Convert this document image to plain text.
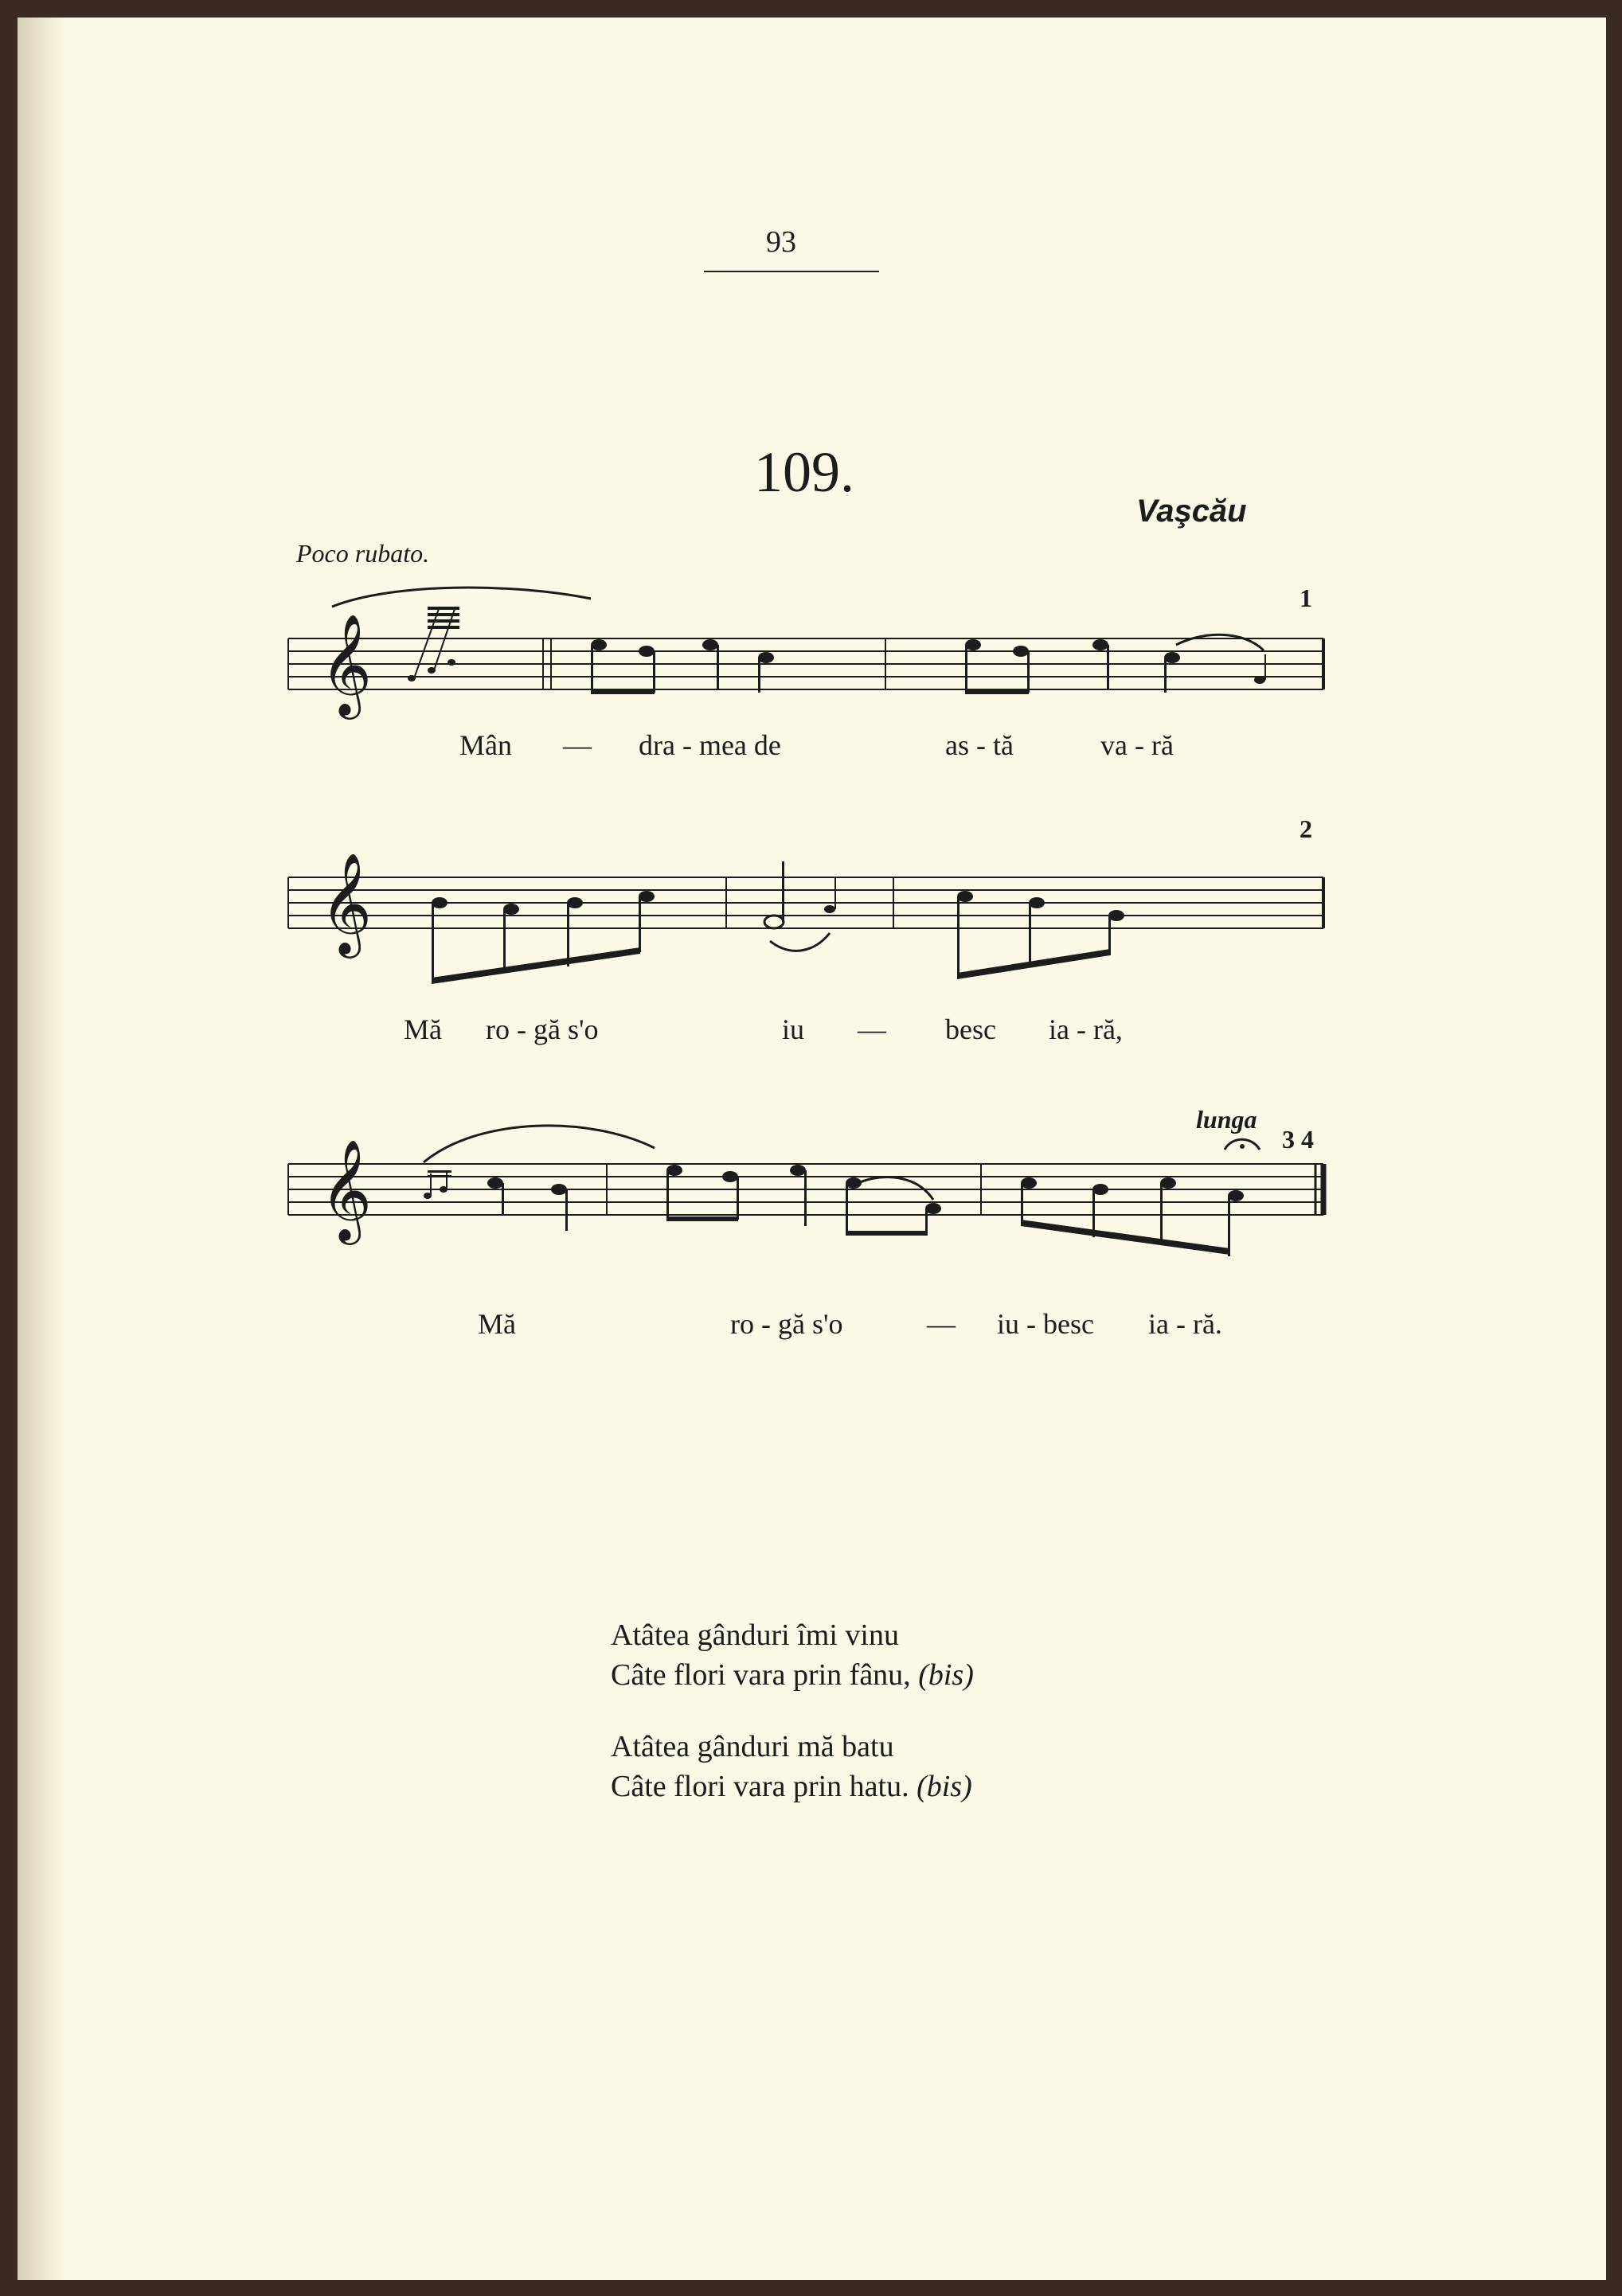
93
109.
Vaşcău
Poco rubato.
𝄞
1
Mân — dra - mea de	as - tă	va - ră
𝄞
2
Mă ro - gă s'o	iu — besc ia - ră,
𝄞
lunga
3 4
Mă	ro - gă s'o	— iu - besc ia - ră.
Atâtea gânduri îmi vinu
Câte flori vara prin fânu, (bis)
Atâtea gânduri mă batu
Câte flori vara prin hatu. (bis)
